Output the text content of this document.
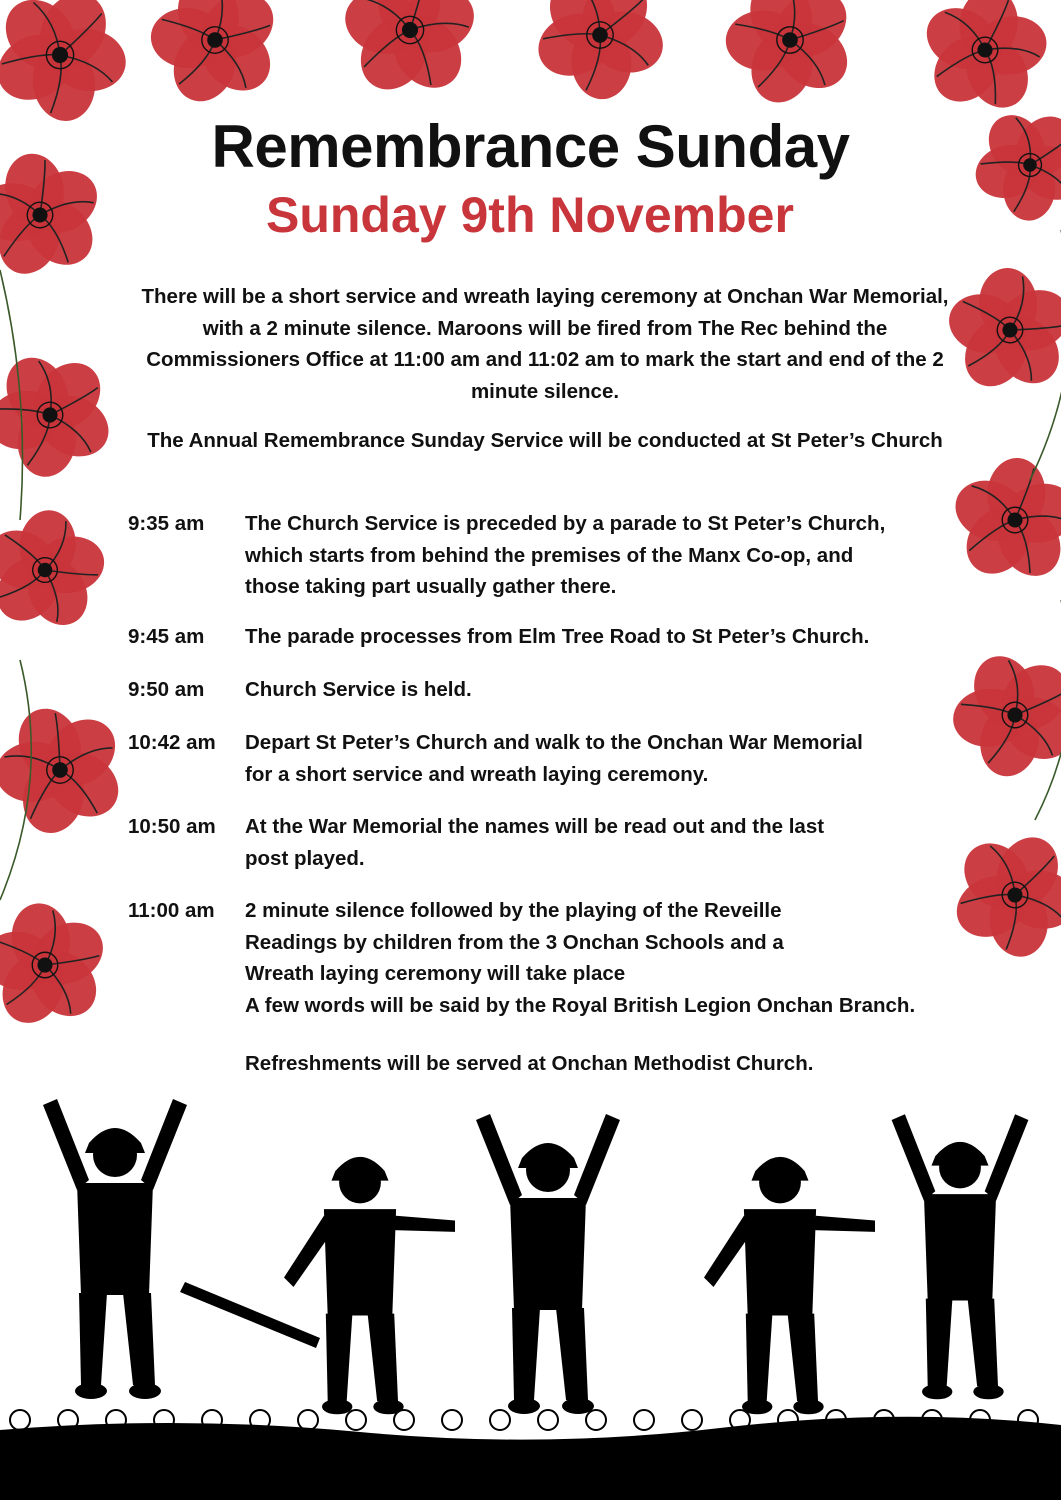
Remembrance Sunday
Sunday 9th November

There will be a short service and wreath laying ceremony at Onchan War Memorial, with a 2 minute silence. Maroons will be fired from The Rec behind the Commissioners Office at 11:00 am and 11:02 am to mark the start and end of the 2 minute silence.

The Annual Remembrance Sunday Service will be conducted at St Peter’s Church

9:35 am	The Church Service is preceded by a parade to St Peter’s Church,
which starts from behind the premises of the Manx Co-op, and
those taking part usually gather there.
9:45 am	The parade processes from Elm Tree Road to St Peter’s Church.
9:50 am	Church Service is held.
10:42 am	Depart St Peter’s Church and walk to the Onchan War Memorial
for a short service and wreath laying ceremony.
10:50 am	At the War Memorial the names will be read out and the last
post played.
11:00 am	2 minute silence followed by the playing of the Reveille
Readings by children from the 3 Onchan Schools and a
Wreath laying ceremony will take place
A few words will be said by the Royal British Legion Onchan Branch.

Refreshments will be served at Onchan Methodist Church.
